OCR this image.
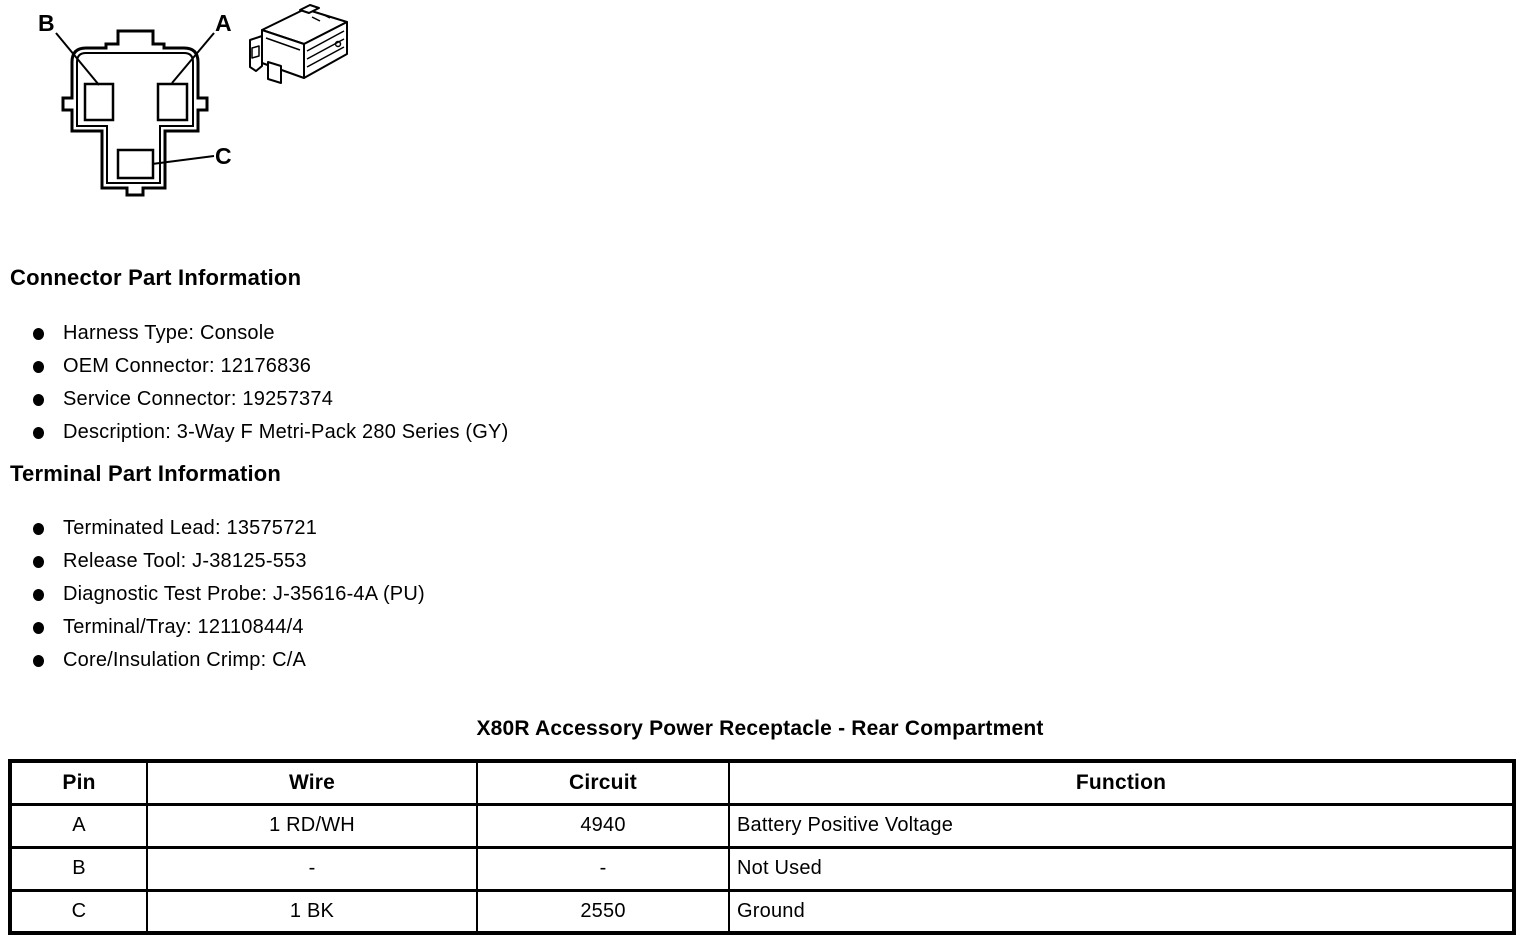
B	A
C
Connector Part Information
Harness Type: Console
OEM Connector: 12176836
Service Connector: 19257374
Description: 3-Way F Metri-Pack 280 Series (GY)
Terminal Part Information
Terminated Lead: 13575721
Release Tool: J-38125-553
Diagnostic Test Probe: J-35616-4A (PU)
Terminal/Tray: 12110844/4
Core/Insulation Crimp: C/A
X80R Accessory Power Receptacle - Rear Compartment
Pin	Wire	Circuit	Function
A	1 RD/WH	4940	Battery Positive Voltage
B	-	-	Not Used
C	1 BK	2550	Ground
